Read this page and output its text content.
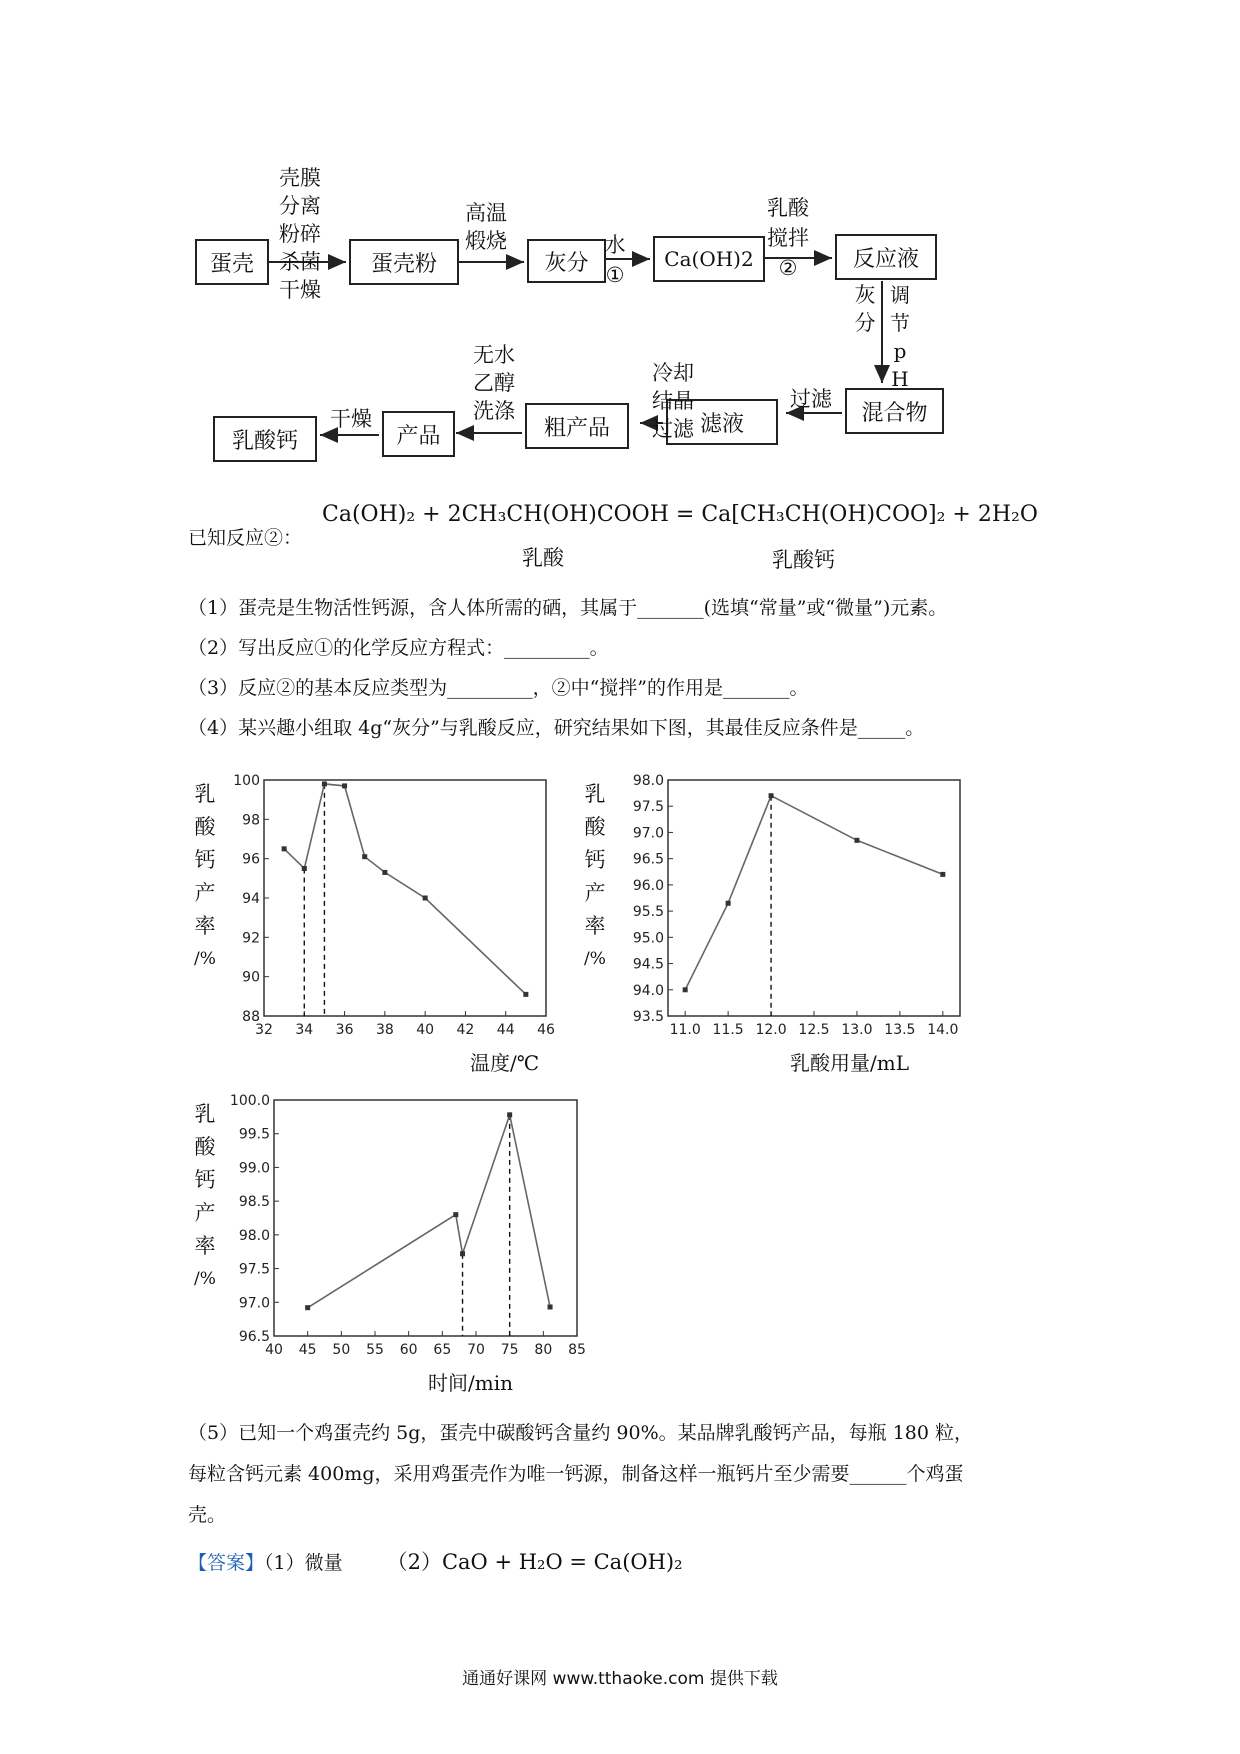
蛋壳	蛋壳粉	灰分	Ca(OH)2	反应液
混合物
滤液
粗产品
产品
乳酸钙
壳膜
分离
粉碎
杀菌
干燥
高温
煅烧	水
①
乳酸
搅拌
②
灰分
调节pH
过滤
冷却
结晶
过滤
无水
乙醇
洗涤
干燥
已知反应②：
Ca(OH)₂ + 2CH₃CH(OH)COOH = Ca[CH₃CH(OH)COO]₂ + 2H₂O
乳酸	乳酸钙
（1）蛋壳是生物活性钙源，含人体所需的硒，其属于_______(选填“常量”或“微量”)元素。
（2）写出反应①的化学反应方程式：_________。
（3）反应②的基本反应类型为_________，②中“搅拌”的作用是_______。
（4）某兴趣小组取 4g“灰分”与乳酸反应，研究结果如下图，其最佳反应条件是_____。
乳
酸
钙
产
率
/%
88
90
92
94
96
98
100
32 34 36 38 40 42 44 46
温度/℃
乳
酸
钙
产
率
/%
93.5
94.0
94.5
95.0
95.5
96.0
96.5
97.0
97.5
98.0
11.0 11.5 12.0 12.5 13.0 13.5 14.0
乳酸用量/mL
乳
酸
钙
产
率
/%
96.5
97.0
97.5
98.0
98.5
99.0
99.5
100.0
40 45 50 55 60 65 70 75 80 85
时间/min
（5）已知一个鸡蛋壳约 5g，蛋壳中碳酸钙含量约 90%。某品牌乳酸钙产品，每瓶 180 粒，
每粒含钙元素 400mg，采用鸡蛋壳作为唯一钙源，制备这样一瓶钙片至少需要______个鸡蛋
壳。
【答案】（1）微量 （2）CaO + H₂O = Ca(OH)₂
通通好课网 www.tthaoke.com 提供下载
